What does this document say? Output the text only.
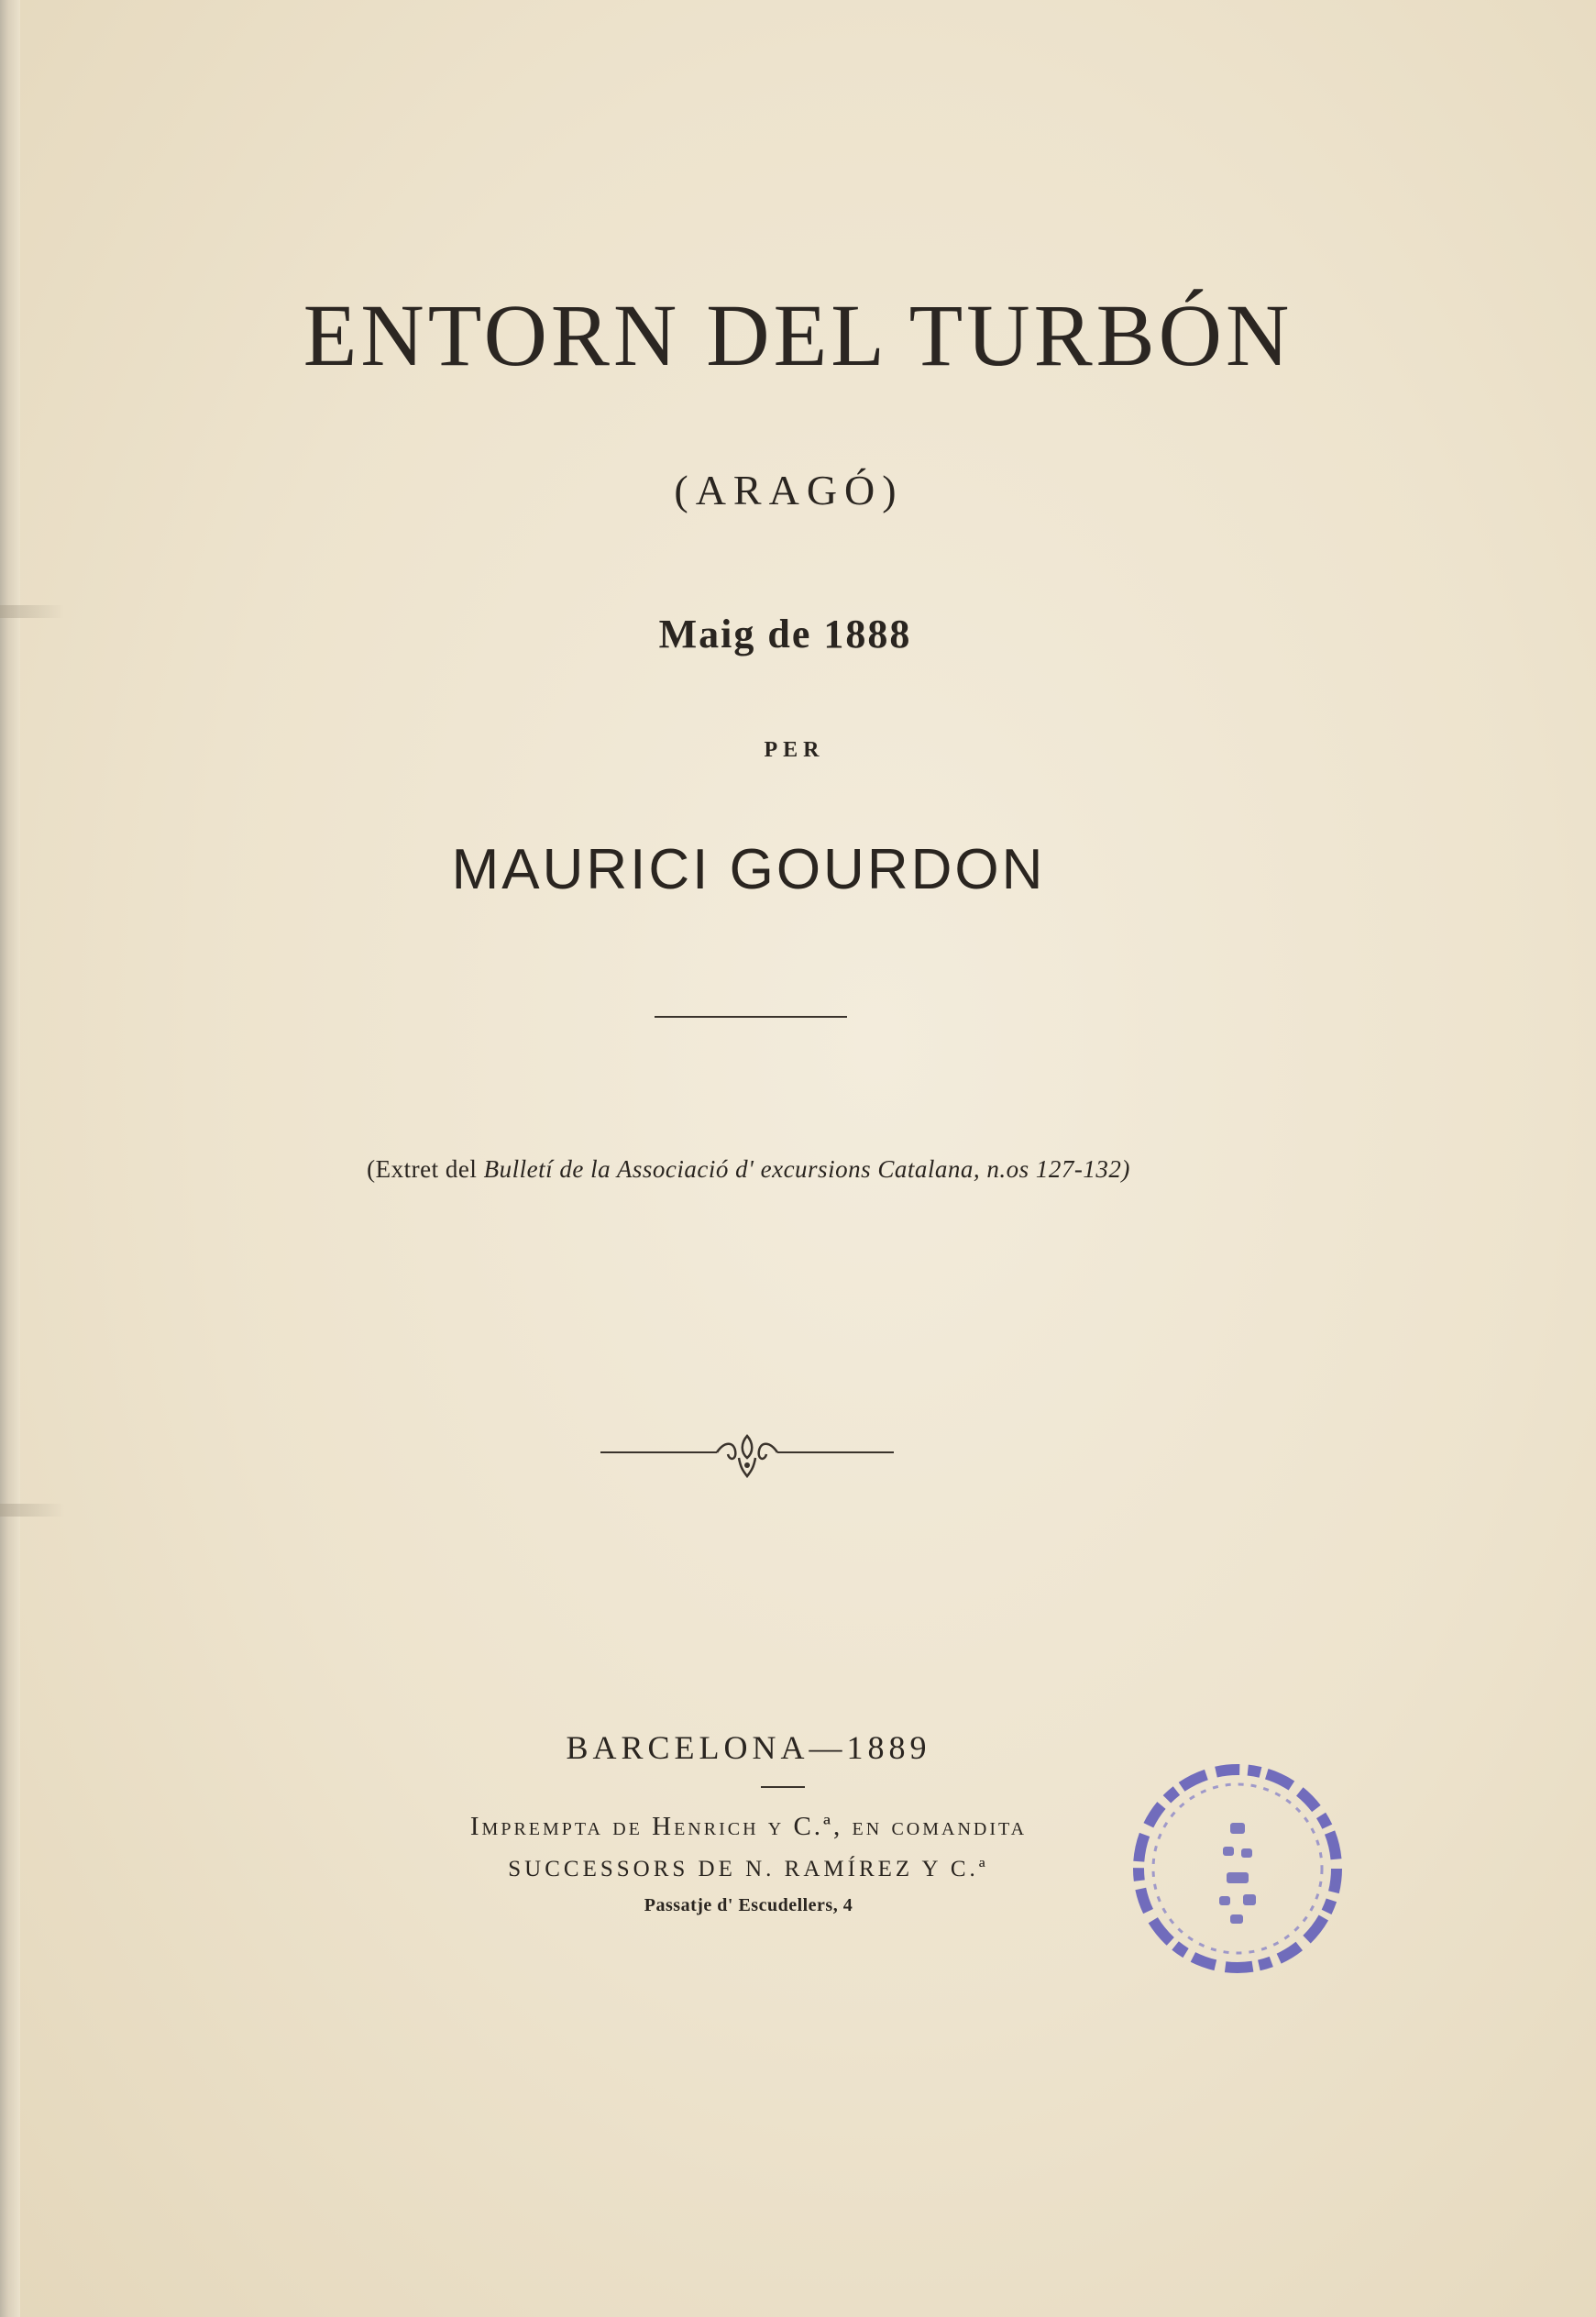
ENTORN DEL TURBÓN
(ARAGÓ)
Maig de 1888
PER
MAURICI GOURDON
(Extret del Bulletí de la Associació d' excursions Catalana, n.os 127-132)
BARCELONA—1889
Imprempta de Henrich y C.ª, en comandita
SUCCESSORS DE N. RAMÍREZ Y C.ª
Passatje d' Escudellers, 4
